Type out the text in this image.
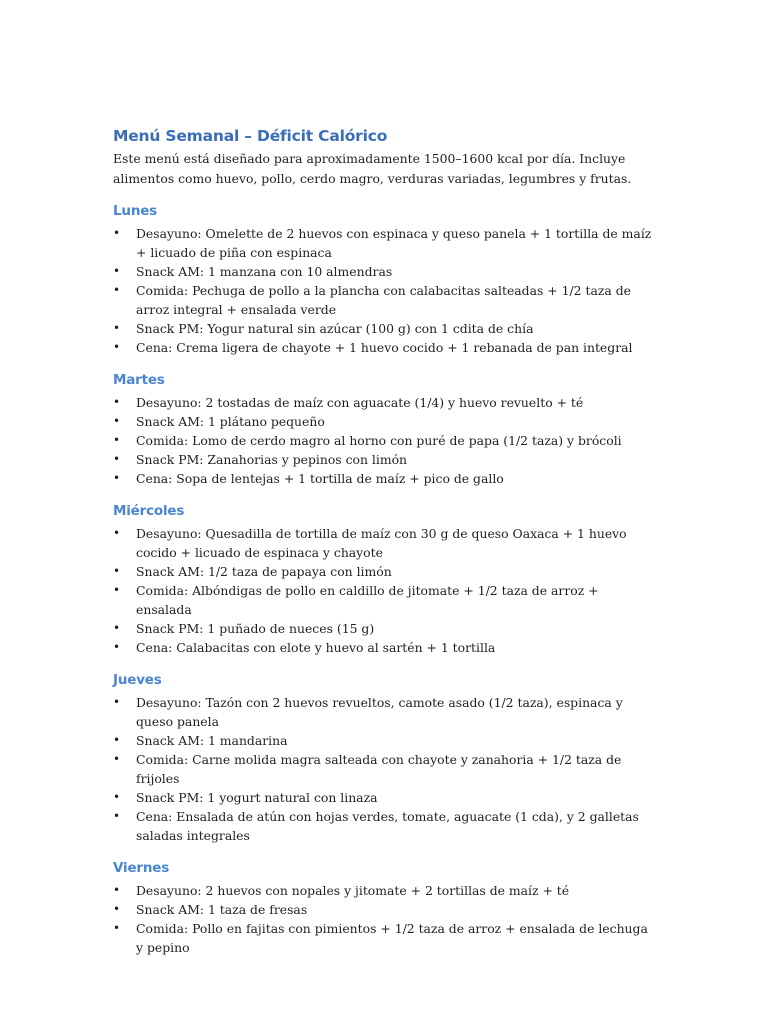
Menú Semanal – Déficit Calórico

Este menú está diseñado para aproximadamente 1500–1600 kcal por día. Incluye alimentos como huevo, pollo, cerdo magro, verduras variadas, legumbres y frutas.

Lunes
• Desayuno: Omelette de 2 huevos con espinaca y queso panela + 1 tortilla de maíz + licuado de piña con espinaca
• Snack AM: 1 manzana con 10 almendras
• Comida: Pechuga de pollo a la plancha con calabacitas salteadas + 1/2 taza de arroz integral + ensalada verde
• Snack PM: Yogur natural sin azúcar (100 g) con 1 cdita de chía
• Cena: Crema ligera de chayote + 1 huevo cocido + 1 rebanada de pan integral
Martes
• Desayuno: 2 tostadas de maíz con aguacate (1/4) y huevo revuelto + té
• Snack AM: 1 plátano pequeño
• Comida: Lomo de cerdo magro al horno con puré de papa (1/2 taza) y brócoli
• Snack PM: Zanahorias y pepinos con limón
• Cena: Sopa de lentejas + 1 tortilla de maíz + pico de gallo
Miércoles
• Desayuno: Quesadilla de tortilla de maíz con 30 g de queso Oaxaca + 1 huevo cocido + licuado de espinaca y chayote
• Snack AM: 1/2 taza de papaya con limón
• Comida: Albóndigas de pollo en caldillo de jitomate + 1/2 taza de arroz + ensalada
• Snack PM: 1 puñado de nueces (15 g)
• Cena: Calabacitas con elote y huevo al sartén + 1 tortilla
Jueves
• Desayuno: Tazón con 2 huevos revueltos, camote asado (1/2 taza), espinaca y queso panela
• Snack AM: 1 mandarina
• Comida: Carne molida magra salteada con chayote y zanahoria + 1/2 taza de frijoles
• Snack PM: 1 yogurt natural con linaza
• Cena: Ensalada de atún con hojas verdes, tomate, aguacate (1 cda), y 2 galletas saladas integrales
Viernes
• Desayuno: 2 huevos con nopales y jitomate + 2 tortillas de maíz + té
• Snack AM: 1 taza de fresas
• Comida: Pollo en fajitas con pimientos + 1/2 taza de arroz + ensalada de lechuga y pepino
